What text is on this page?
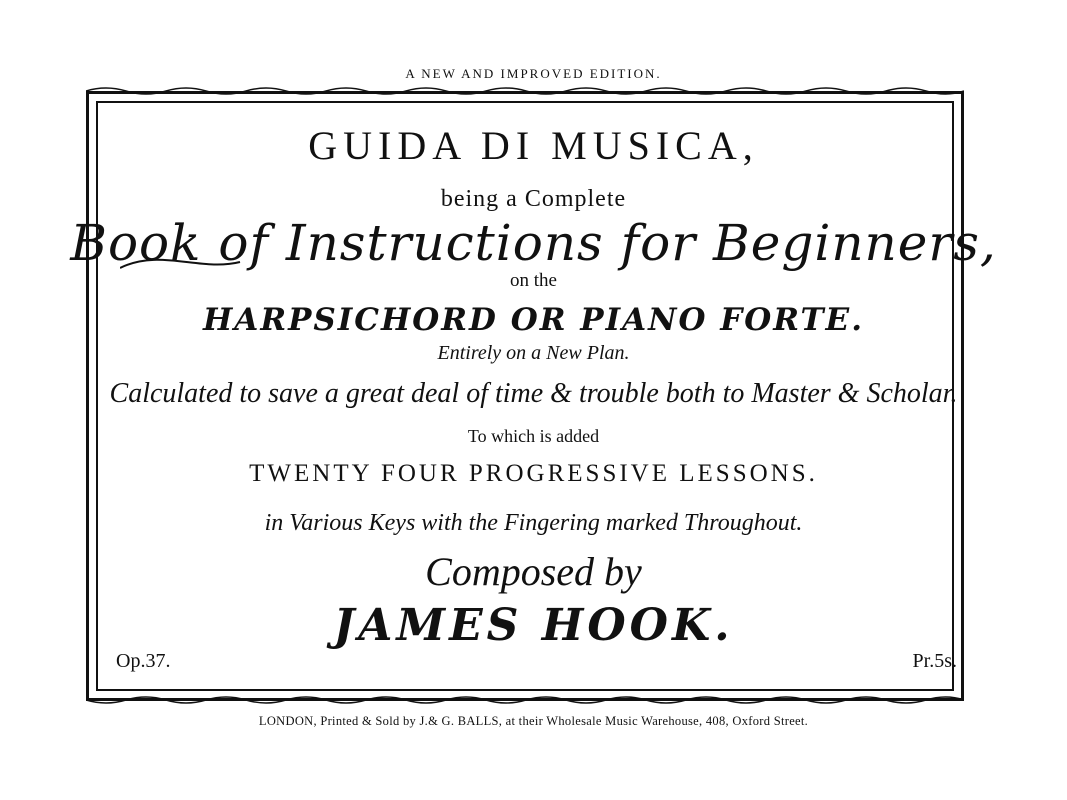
A NEW AND IMPROVED EDITION.
GUIDA DI MUSICA,
being a Complete
Book of Instructions for Beginners,
on the
HARPSICHORD OR PIANO FORTE.
Entirely on a New Plan.
Calculated to save a great deal of time & trouble both to Master & Scholar.
To which is added
TWENTY FOUR PROGRESSIVE LESSONS.
in Various Keys with the Fingering marked Throughout.
Composed by
JAMES HOOK.
Op.37.	Pr.5s.
LONDON, Printed & Sold by J.& G. BALLS, at their Wholesale Music Warehouse, 408, Oxford Street.
